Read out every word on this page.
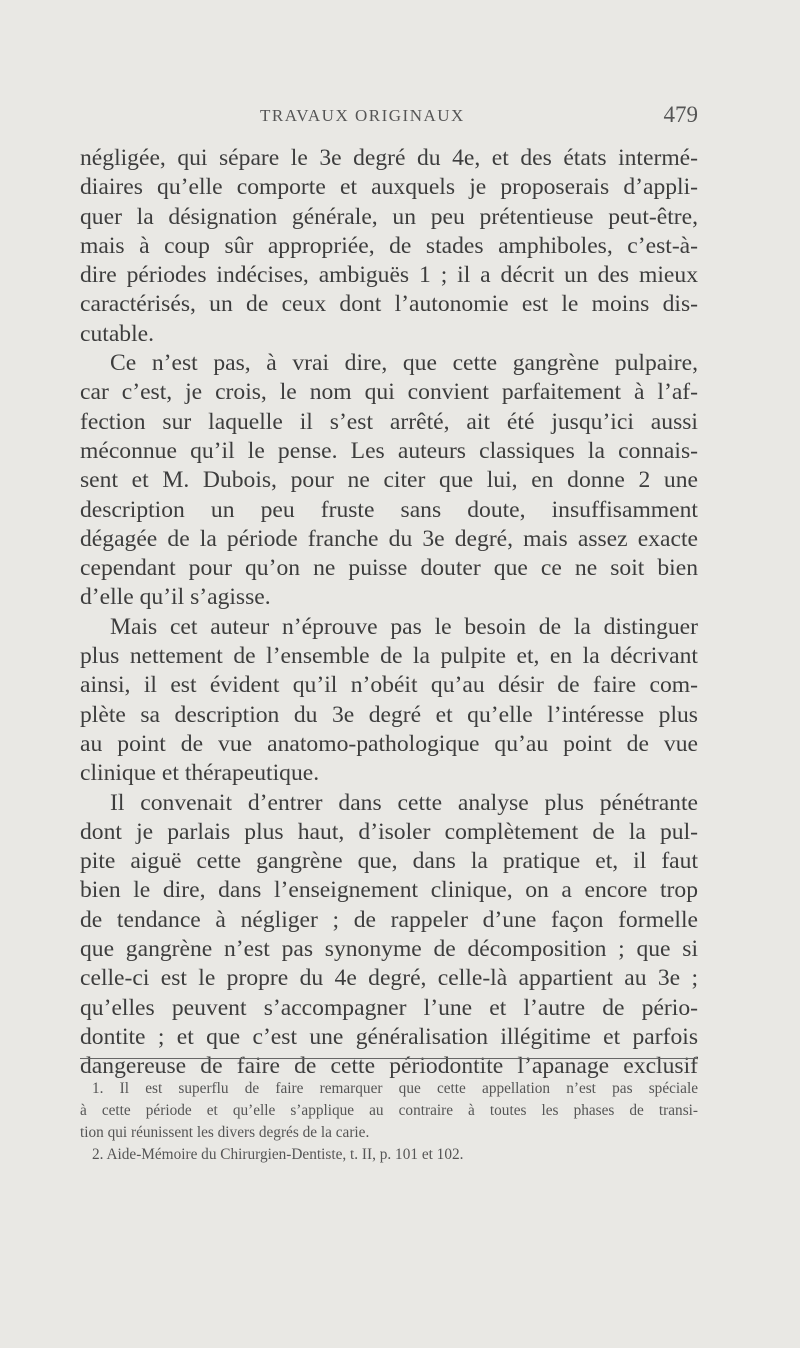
TRAVAUX ORIGINAUX	479

négligée, qui sépare le 3e degré du 4e, et des états intermé-
diaires qu’elle comporte et auxquels je proposerais d’appli-
quer la désignation générale, un peu prétentieuse peut-être,
mais à coup sûr appropriée, de stades amphiboles, c’est-à-
dire périodes indécises, ambiguës 1 ; il a décrit un des mieux
caractérisés, un de ceux dont l’autonomie est le moins dis-
cutable.

Ce n’est pas, à vrai dire, que cette gangrène pulpaire,
car c’est, je crois, le nom qui convient parfaitement à l’af-
fection sur laquelle il s’est arrêté, ait été jusqu’ici aussi
méconnue qu’il le pense. Les auteurs classiques la connais-
sent et M. Dubois, pour ne citer que lui, en donne 2 une
description un peu fruste sans doute, insuffisamment
dégagée de la période franche du 3e degré, mais assez exacte
cependant pour qu’on ne puisse douter que ce ne soit bien
d’elle qu’il s’agisse.

Mais cet auteur n’éprouve pas le besoin de la distinguer
plus nettement de l’ensemble de la pulpite et, en la décrivant
ainsi, il est évident qu’il n’obéit qu’au désir de faire com-
plète sa description du 3e degré et qu’elle l’intéresse plus
au point de vue anatomo-pathologique qu’au point de vue
clinique et thérapeutique.

Il convenait d’entrer dans cette analyse plus pénétrante
dont je parlais plus haut, d’isoler complètement de la pul-
pite aiguë cette gangrène que, dans la pratique et, il faut
bien le dire, dans l’enseignement clinique, on a encore trop
de tendance à négliger ; de rappeler d’une façon formelle
que gangrène n’est pas synonyme de décomposition ; que si
celle-ci est le propre du 4e degré, celle-là appartient au 3e ;
qu’elles peuvent s’accompagner l’une et l’autre de pério-
dontite ; et que c’est une généralisation illégitime et parfois
dangereuse de faire de cette périodontite l’apanage exclusif

1. Il est superflu de faire remarquer que cette appellation n’est pas spéciale
à cette période et qu’elle s’applique au contraire à toutes les phases de transi-
tion qui réunissent les divers degrés de la carie.

2. Aide-Mémoire du Chirurgien-Dentiste, t. II, p. 101 et 102.
